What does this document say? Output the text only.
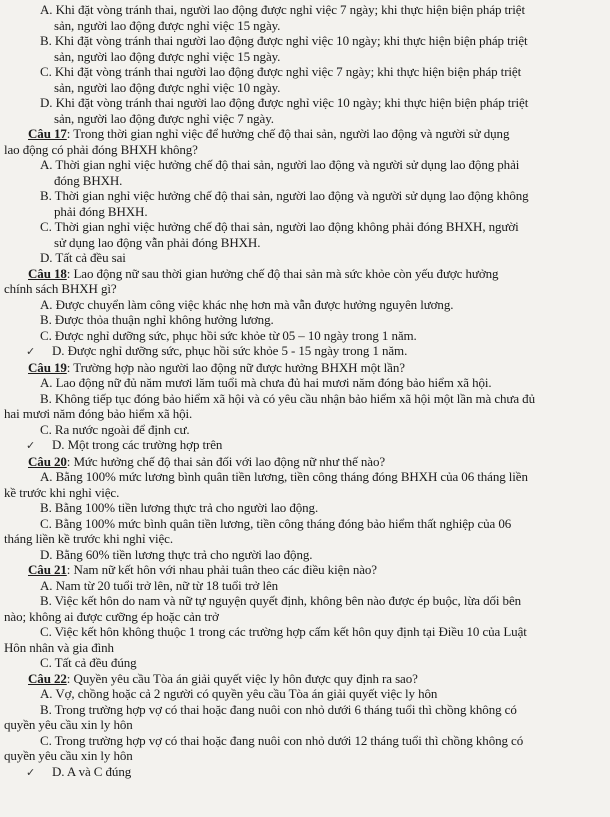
A. Khi đặt vòng tránh thai, người lao động được nghỉ việc 7 ngày; khi thực hiện biện pháp triệt
sản, người lao động được nghỉ việc 15 ngày.
B. Khi đặt vòng tránh thai người lao động được nghỉ việc 10 ngày; khi thực hiện biện pháp triệt
sản, người lao động được nghỉ việc 15 ngày.
C. Khi đặt vòng tránh thai người lao động được nghỉ việc 7 ngày; khi thực hiện biện pháp triệt
sản, người lao động được nghỉ việc 10 ngày.
D. Khi đặt vòng tránh thai người lao động được nghỉ việc 10 ngày; khi thực hiện biện pháp triệt
sản, người lao động được nghỉ việc 7 ngày.
Câu 17: Trong thời gian nghỉ việc để hưởng chế độ thai sản, người lao động và người sử dụng
lao động có phải đóng BHXH không?
A. Thời gian nghỉ việc hưởng chế độ thai sản, người lao động và người sử dụng lao động phải
đóng BHXH.
B. Thời gian nghỉ việc hưởng chế độ thai sản, người lao động và người sử dụng lao động không
phải đóng BHXH.
C. Thời gian nghỉ việc hưởng chế độ thai sản, người lao động không phải đóng BHXH, người
sử dụng lao động vẫn phải đóng BHXH.
D. Tất cả đều sai
Câu 18: Lao động nữ sau thời gian hưởng chế độ thai sản mà sức khỏe còn yếu được hưởng
chính sách BHXH gì?
A. Được chuyển làm công việc khác nhẹ hơn mà vẫn được hưởng nguyên lương.
B. Được thỏa thuận nghỉ không hưởng lương.
C. Được nghỉ dưỡng sức, phục hồi sức khỏe từ 05 – 10 ngày trong 1 năm.
✓ D. Được nghỉ dưỡng sức, phục hồi sức khỏe 5 - 15 ngày trong 1 năm.
Câu 19: Trường hợp nào người lao động nữ được hưởng BHXH một lần?
A. Lao động nữ đủ năm mươi lăm tuổi mà chưa đủ hai mươi năm đóng bảo hiểm xã hội.
B. Không tiếp tục đóng bảo hiểm xã hội và có yêu cầu nhận bảo hiểm xã hội một lần mà chưa đủ
hai mươi năm đóng bảo hiểm xã hội.
C. Ra nước ngoài để định cư.
✓ D. Một trong các trường hợp trên
Câu 20: Mức hưởng chế độ thai sản đối với lao động nữ như thế nào?
A. Bằng 100% mức lương bình quân tiền lương, tiền công tháng đóng BHXH của 06 tháng liền
kề trước khi nghỉ việc.
B. Bằng 100% tiền lương thực trả cho người lao động.
C. Bằng 100% mức bình quân tiền lương, tiền công tháng đóng bảo hiểm thất nghiệp của 06
tháng liền kề trước khi nghỉ việc.
D. Bằng 60% tiền lương thực trả cho người lao động.
Câu 21: Nam nữ kết hôn với nhau phải tuân theo các điều kiện nào?
A. Nam từ 20 tuổi trở lên, nữ từ 18 tuổi trở lên
B. Việc kết hôn do nam và nữ tự nguyện quyết định, không bên nào được ép buộc, lừa dối bên
nào; không ai được cưỡng ép hoặc cản trở
C. Việc kết hôn không thuộc 1 trong các trường hợp cấm kết hôn quy định tại Điều 10 của Luật
Hôn nhân và gia đình
C. Tất cả đều đúng
Câu 22: Quyền yêu cầu Tòa án giải quyết việc ly hôn được quy định ra sao?
A. Vợ, chồng hoặc cả 2 người có quyền yêu cầu Tòa án giải quyết việc ly hôn
B. Trong trường hợp vợ có thai hoặc đang nuôi con nhỏ dưới 6 tháng tuổi thì chồng không có
quyền yêu cầu xin ly hôn
C. Trong trường hợp vợ có thai hoặc đang nuôi con nhỏ dưới 12 tháng tuổi thì chồng không có
quyền yêu cầu xin ly hôn
✓ D. A và C đúng
